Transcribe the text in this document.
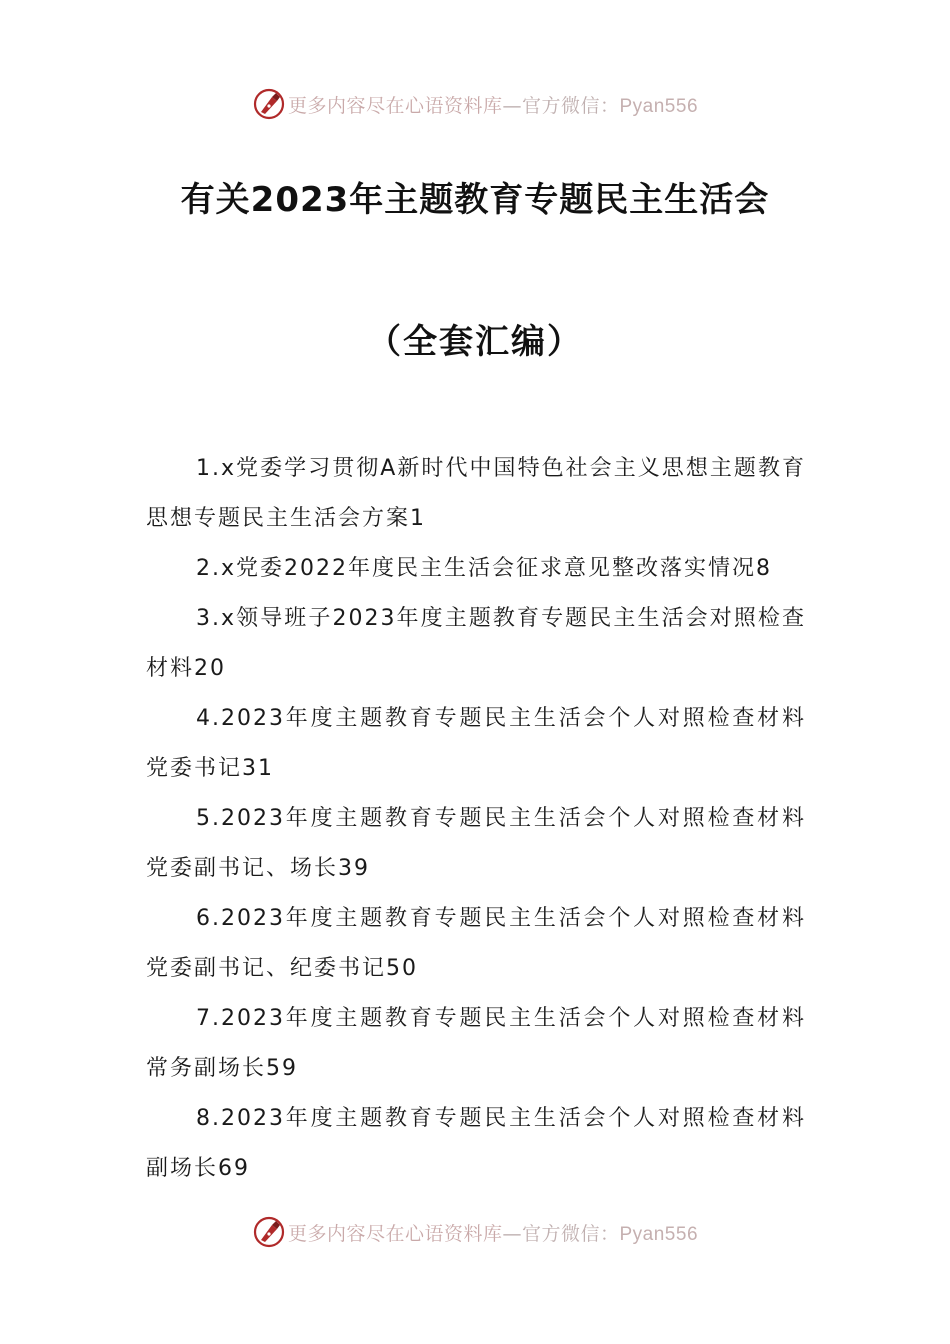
更多内容尽在心语资料库—官方微信：Pyan556
有关2023年主题教育专题民主生活会
（全套汇编）
1.x党委学习贯彻A新时代中国特色社会主义思想主题教育思想专题民主生活会方案1
2.x党委2022年度民主生活会征求意见整改落实情况8
3.x领导班子2023年度主题教育专题民主生活会对照检查材料20
4.2023年度主题教育专题民主生活会个人对照检查材料党委书记31
5.2023年度主题教育专题民主生活会个人对照检查材料党委副书记、场长39
6.2023年度主题教育专题民主生活会个人对照检查材料党委副书记、纪委书记50
7.2023年度主题教育专题民主生活会个人对照检查材料常务副场长59
8.2023年度主题教育专题民主生活会个人对照检查材料副场长69
更多内容尽在心语资料库—官方微信：Pyan556
